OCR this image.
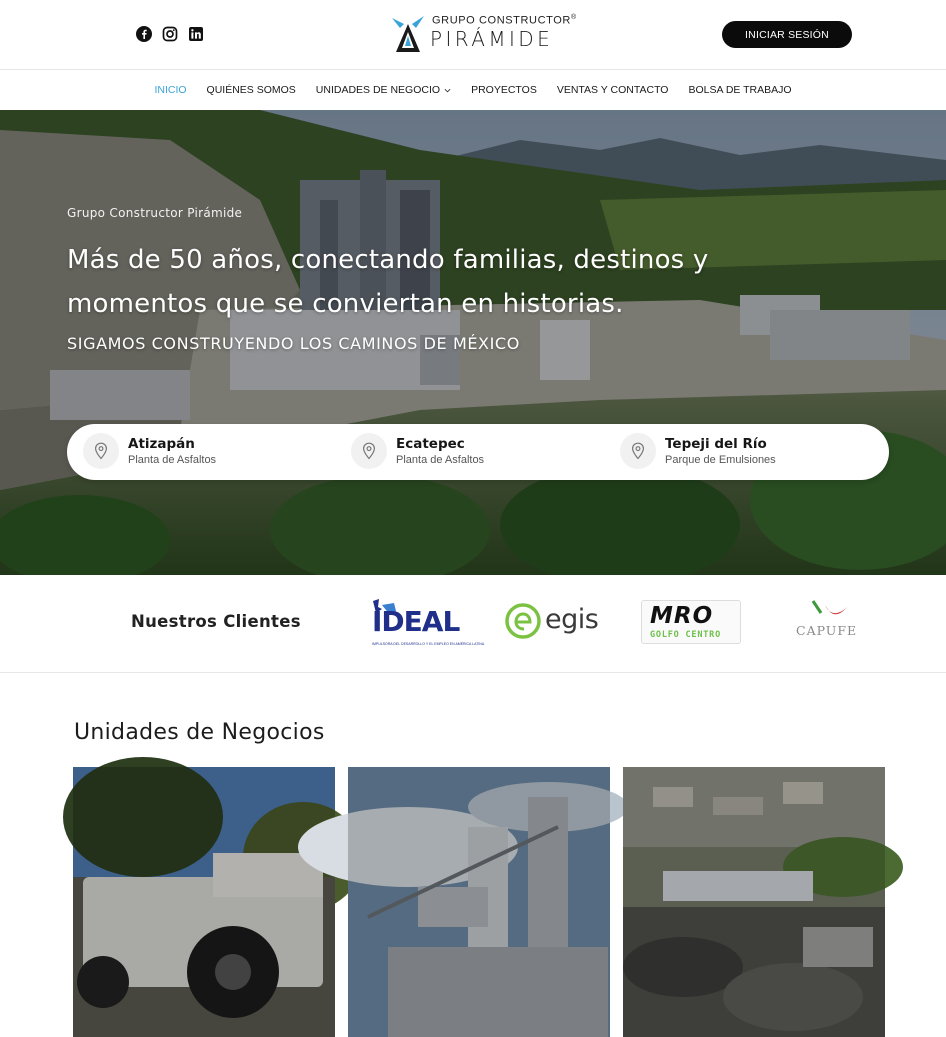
GRUPO CONSTRUCTOR®
PIRÁMIDE	INICIAR SESIÓN
INICIO QUIÉNES SOMOS UNIDADES DE NEGOCIO	PROYECTOS VENTAS Y CONTACTO BOLSA DE TRABAJO
Grupo Constructor Pirámide
Más de 50 años, conectando familias, destinos y momentos que se conviertan en historias.
SIGAMOS CONSTRUYENDO LOS CAMINOS DE MÉXICO
Atizapán
Planta de Asfaltos
Ecatepec
Planta de Asfaltos
Tepeji del Río
Parque de Emulsiones
Nuestros Clientes	IDEAL
IMPULSORA DEL DESARROLLO Y EL EMPLEO EN AMÉRICA LATINA
egis MRO
GOLFO CENTRO	CAPUFE
Unidades de Negocios
